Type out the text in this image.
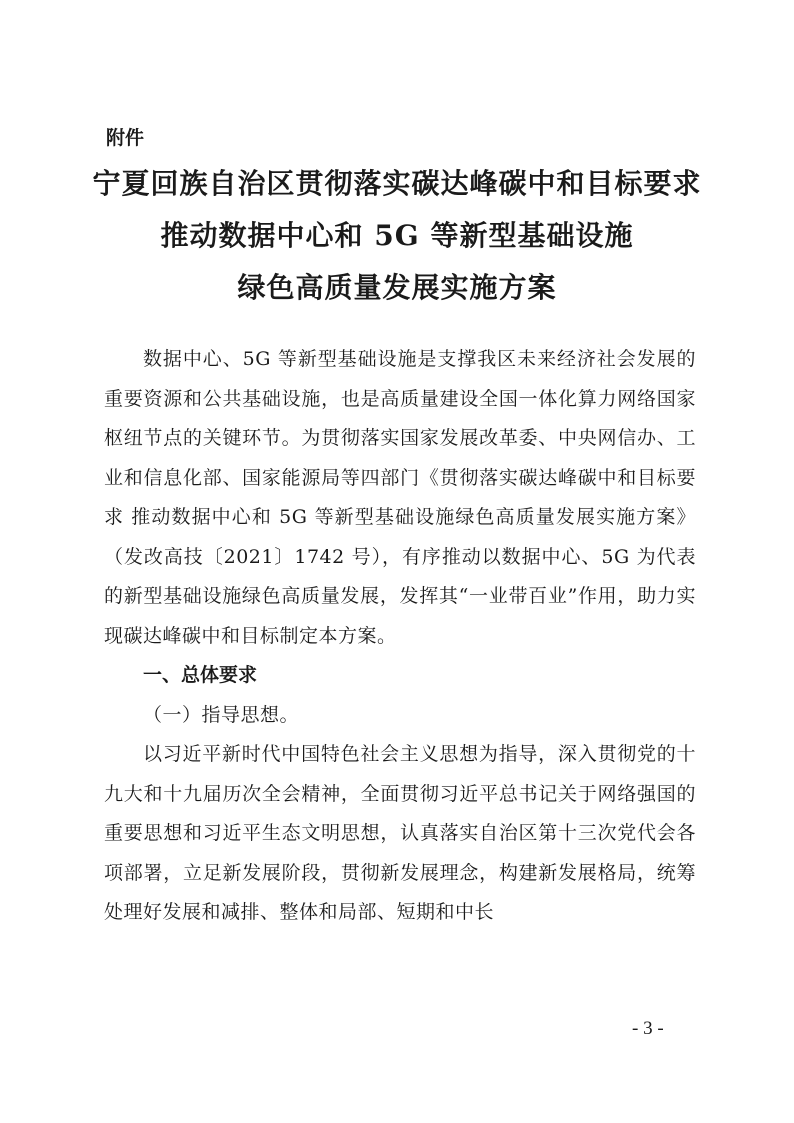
附件
宁夏回族自治区贯彻落实碳达峰碳中和目标要求
推动数据中心和 5G 等新型基础设施
绿色高质量发展实施方案

数据中心、5G 等新型基础设施是支撑我区未来经济社会发展的重要资源和公共基础设施，也是高质量建设全国一体化算力网络国家枢纽节点的关键环节。为贯彻落实国家发展改革委、中央网信办、工业和信息化部、国家能源局等四部门《贯彻落实碳达峰碳中和目标要求 推动数据中心和 5G 等新型基础设施绿色高质量发展实施方案》（发改高技〔2021〕1742 号），有序推动以数据中心、5G 为代表的新型基础设施绿色高质量发展，发挥其“一业带百业”作用，助力实现碳达峰碳中和目标制定本方案。

一、总体要求

（一）指导思想。

以习近平新时代中国特色社会主义思想为指导，深入贯彻党的十九大和十九届历次全会精神，全面贯彻习近平总书记关于网络强国的重要思想和习近平生态文明思想，认真落实自治区第十三次党代会各项部署，立足新发展阶段，贯彻新发展理念，构建新发展格局，统筹处理好发展和减排、整体和局部、短期和中长

- 3 -
